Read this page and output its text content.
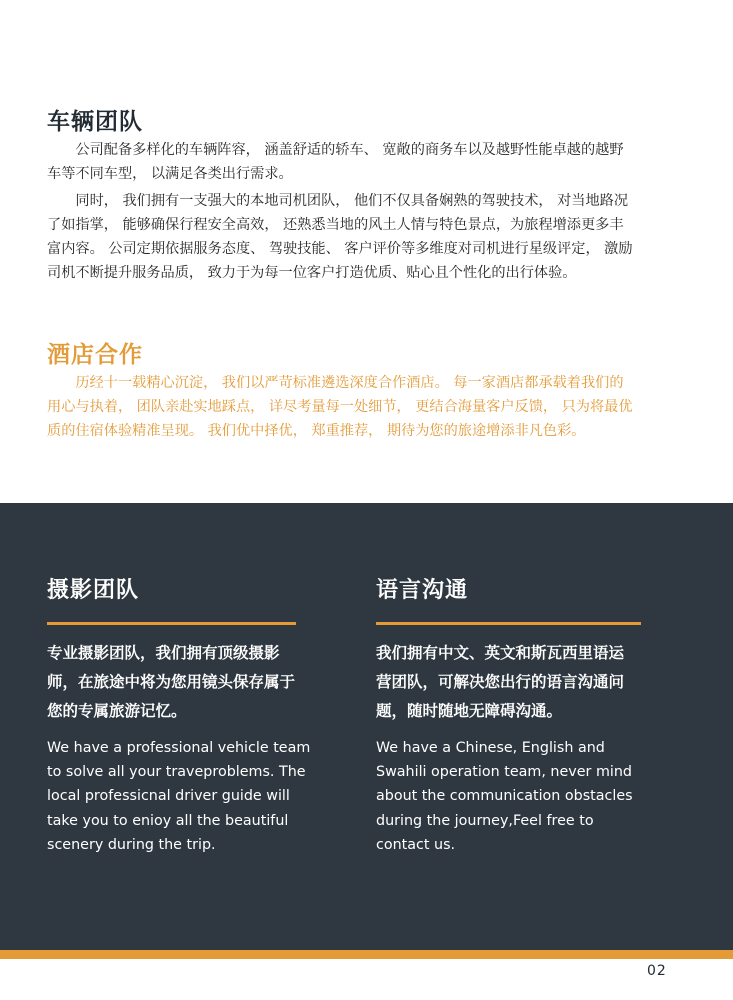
车辆团队

公司配备多样化的车辆阵容， 涵盖舒适的轿车、 宽敞的商务车以及越野性能卓越的越野车等不同车型， 以满足各类出行需求。

同时， 我们拥有一支强大的本地司机团队， 他们不仅具备娴熟的驾驶技术， 对当地路况了如指掌， 能够确保行程安全高效， 还熟悉当地的风土人情与特色景点，为旅程增添更多丰富内容。 公司定期依据服务态度、 驾驶技能、 客户评价等多维度对司机进行星级评定， 激励司机不断提升服务品质， 致力于为每一位客户打造优质、贴心且个性化的出行体验。

酒店合作

历经十一载精心沉淀， 我们以严苛标准遴选深度合作酒店。 每一家酒店都承载着我们的用心与执着， 团队亲赴实地踩点， 详尽考量每一处细节， 更结合海量客户反馈， 只为将最优质的住宿体验精准呈现。 我们优中择优， 郑重推荐， 期待为您的旅途增添非凡色彩。

摄影团队

专业摄影团队，我们拥有顶级摄影师，在旅途中将为您用镜头保存属于您的专属旅游记忆。

We have a professional vehicle team to solve all your traveproblems. The local professicnal driver guide will take you to enioy all the beautiful scenery during the trip.

语言沟通

我们拥有中文、英文和斯瓦西里语运营团队，可解决您出行的语言沟通问题，随时随地无障碍沟通。

We have a Chinese, English and Swahili operation team, never mind about the communication obstacles during the journey,Feel free to contact us.

02
